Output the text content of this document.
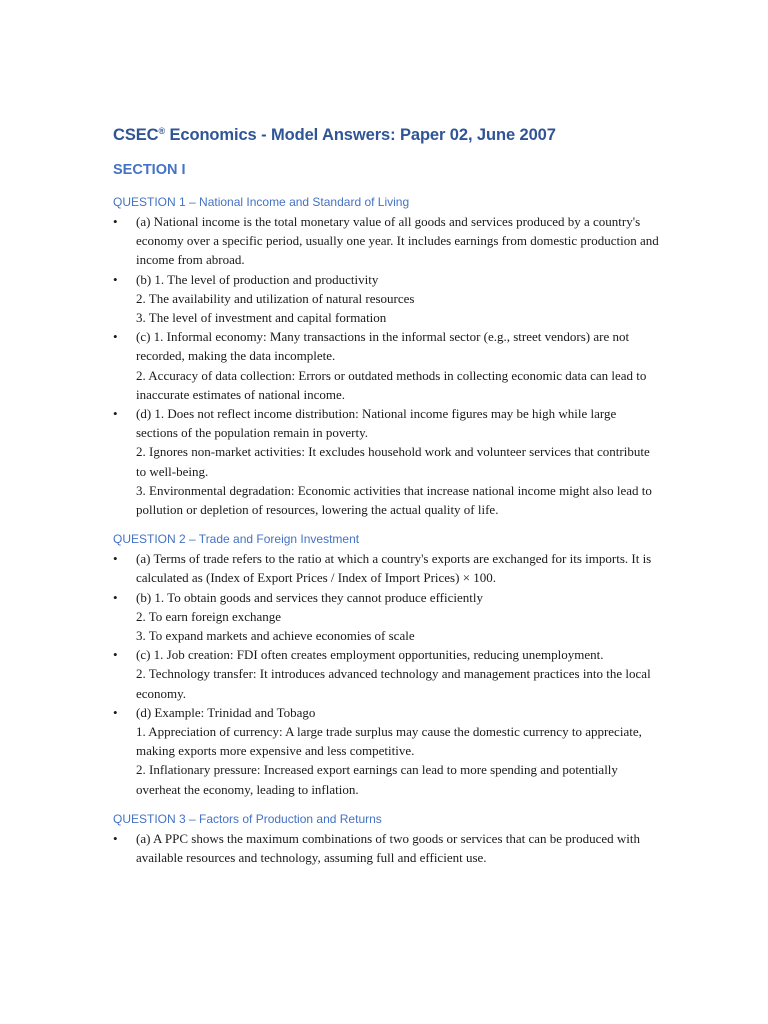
CSEC® Economics - Model Answers: Paper 02, June 2007
SECTION I
QUESTION 1 – National Income and Standard of Living
• (a) National income is the total monetary value of all goods and services produced by a country's economy over a specific period, usually one year. It includes earnings from domestic production and income from abroad.
• (b) 1. The level of production and productivity
2. The availability and utilization of natural resources
3. The level of investment and capital formation
• (c) 1. Informal economy: Many transactions in the informal sector (e.g., street vendors) are not recorded, making the data incomplete.
2. Accuracy of data collection: Errors or outdated methods in collecting economic data can lead to inaccurate estimates of national income.
• (d) 1. Does not reflect income distribution: National income figures may be high while large sections of the population remain in poverty.
2. Ignores non-market activities: It excludes household work and volunteer services that contribute to well-being.
3. Environmental degradation: Economic activities that increase national income might also lead to pollution or depletion of resources, lowering the actual quality of life.
QUESTION 2 – Trade and Foreign Investment
• (a) Terms of trade refers to the ratio at which a country's exports are exchanged for its imports. It is calculated as (Index of Export Prices / Index of Import Prices) × 100.
• (b) 1. To obtain goods and services they cannot produce efficiently
2. To earn foreign exchange
3. To expand markets and achieve economies of scale
• (c) 1. Job creation: FDI often creates employment opportunities, reducing unemployment.
2. Technology transfer: It introduces advanced technology and management practices into the local economy.
• (d) Example: Trinidad and Tobago
1. Appreciation of currency: A large trade surplus may cause the domestic currency to appreciate, making exports more expensive and less competitive.
2. Inflationary pressure: Increased export earnings can lead to more spending and potentially overheat the economy, leading to inflation.
QUESTION 3 – Factors of Production and Returns
• (a) A PPC shows the maximum combinations of two goods or services that can be produced with available resources and technology, assuming full and efficient use.
